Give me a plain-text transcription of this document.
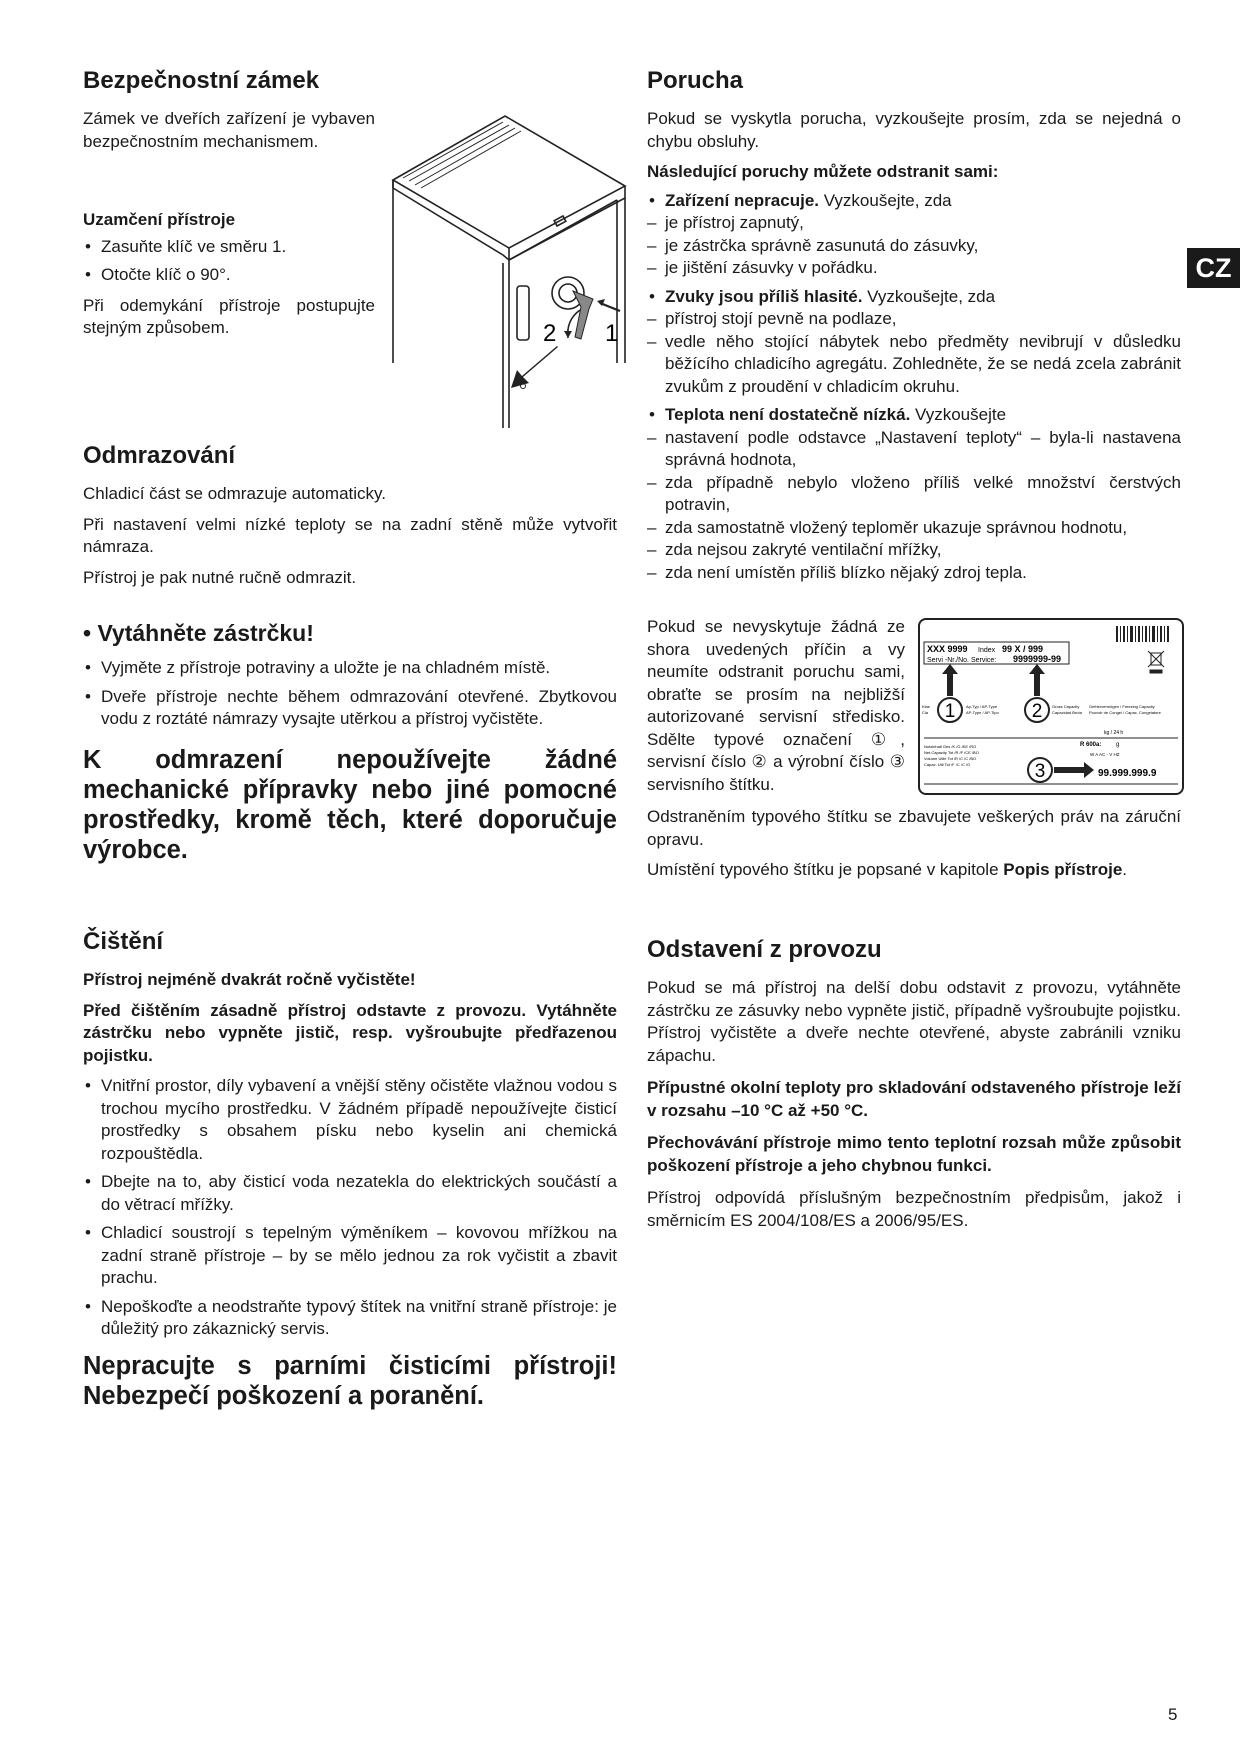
Bezpečnostní zámek

Zámek ve dveřích zařízení je vybaven bezpečnostním mechanismem.

Uzamčení přístroje

• Zasuňte klíč ve směru 1.
• Otočte klíč o 90°.

Při odemykání přístroje postupujte stejným způsobem.	2 1
Odmrazování

Chladicí část se odmrazuje automaticky.

Při nastavení velmi nízké teploty se na zadní stěně může vytvořit námraza.

Přístroj je pak nutné ručně odmrazit.

• Vytáhněte zástrčku!
• Vyjměte z přístroje potraviny a uložte je na chladném místě.
• Dveře přístroje nechte během odmrazování otevřené. Zbytkovou vodu z roztáté námrazy vysajte utěrkou a přístroj vyčistěte.

K odmrazení nepoužívejte žádné mechanické přípravky nebo jiné pomocné prostředky, kromě těch, které doporučuje výrobce.

Čištění

Přístroj nejméně dvakrát ročně vyčistěte!

Před čištěním zásadně přístroj odstavte z provozu. Vytáhněte zástrčku nebo vypněte jistič, resp. vyšroubujte předřazenou pojistku.

• Vnitřní prostor, díly vybavení a vnější stěny očistěte vlažnou vodou s trochou mycího prostředku. V žádném případě nepoužívejte čisticí prostředky s obsahem písku nebo kyselin ani chemická rozpouštědla.
• Dbejte na to, aby čisticí voda nezatekla do elektrických součástí a do větrací mřížky.
• Chladicí soustrojí s tepelným výměníkem – kovovou mřížkou na zadní straně přístroje – by se mělo jednou za rok vyčistit a zbavit prachu.
• Nepoškoďte a neodstraňte typový štítek na vnitřní straně přístroje: je důležitý pro zákaznický servis.

Nepracujte s parními čisticími přístroji! Nebezpečí poškození a poranění.

Porucha

Pokud se vyskytla porucha, vyzkoušejte prosím, zda se nejedná o chybu obsluhy.

Následující poruchy můžete odstranit sami:

• Zařízení nepracuje. Vyzkoušejte, zda
– je přístroj zapnutý,
– je zástrčka správně zasunutá do zásuvky,
– je jištění zásuvky v pořádku.
• Zvuky jsou příliš hlasité. Vyzkoušejte, zda
– přístroj stojí pevně na podlaze,
– vedle něho stojící nábytek nebo předměty nevibrují v důsledku běžícího chladicího agregátu. Zohledněte, že se nedá zcela zabránit zvukům z proudění v chladicím okruhu.
• Teplota není dostatečně nízká. Vyzkoušejte
– nastavení podle odstavce „Nastavení teploty“ – byla-li nastavena správná hodnota,
– zda případně nebylo vloženo příliš velké množství čerstvých potravin,
– zda samostatně vložený teploměr ukazuje správnou hodnotu,
– zda nejsou zakryté ventilační mřížky,
– zda není umístěn příliš blízko nějaký zdroj tepla.

Pokud se nevyskytuje žádná ze shora uvedených příčin a vy neumíte odstranit poruchu sami, obraťte se prosím na nejbližší autorizované servisní středisko. Sdělte typové označení ①, servisní číslo ② a výrobní číslo ③ servisního štítku.

Odstraněním typového štítku se zbavujete veškerých práv na záruční opravu.

Umístění typového štítku je popsané v kapitole Popis přístroje.

XXX 9999 Index 99 X / 999
Servi -Nr./No. Service: 9999999-99
1	2
Klas
Cla
Ap-Typ / AP-Type
AP-Type / AP-Tipo
Gross Capacity
Capacidad Bruta
Gefriervermögen / Freezing Capacity
Pouvoir de Congel / Capac. Congelatore
kg / 24 h
Nutzinhalt Ges /K /G /KE /RO
Net.Capacity Tot /R /F /CE /BO
Volume Utile Tot /R /C /C /BO
Capac. Util Tot /F /C /C /O
R 600a: g
W A AC - V HZ
3	99.999.999.9
Odstavení z provozu

Pokud se má přístroj na delší dobu odstavit z provozu, vytáhněte zástrčku ze zásuvky nebo vypněte jistič, případně vyšroubujte pojistku. Přístroj vyčistěte a dveře nechte otevřené, abyste zabránili vzniku zápachu.

Přípustné okolní teploty pro skladování odstaveného přístroje leží v rozsahu –10 °C až +50 °C.

Přechovávání přístroje mimo tento teplotní rozsah může způsobit poškození přístroje a jeho chybnou funkci.

Přístroj odpovídá příslušným bezpečnostním předpisům, jakož i směrnicím ES 2004/108/ES a 2006/95/ES.

CZ
5
